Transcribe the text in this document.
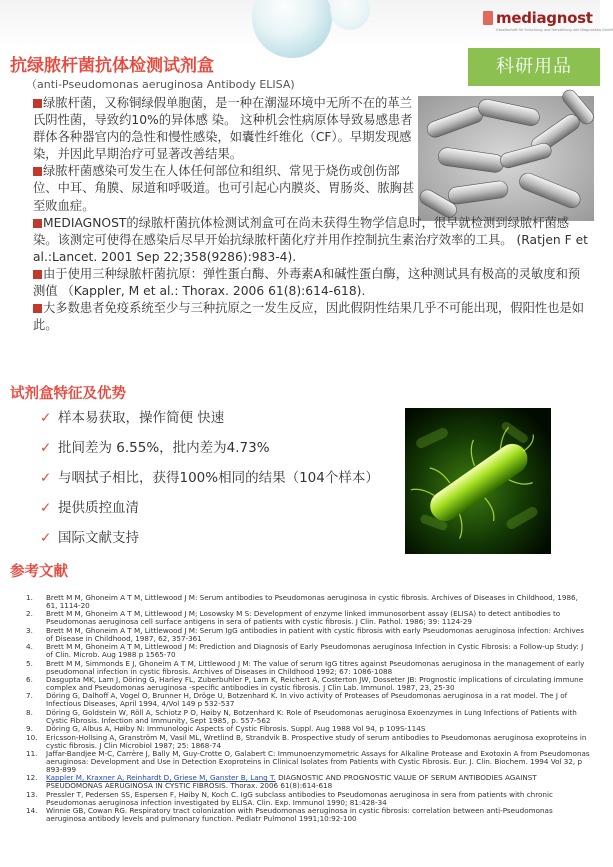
mediagnost
Gesellschaft für Forschung und Herstellung von Diagnostika GmbH
科研用品
抗绿脓杆菌抗体检测试剂盒
（anti-Pseudomonas aeruginosa Antibody ELISA)

绿脓杆菌，又称铜绿假单胞菌，是一种在潮湿环境中无所不在的革兰氏阴性菌，导致约10%的异体感 染。 这种机会性病原体导致易感患者群体各种器官内的急性和慢性感染，如囊性纤维化（CF）。早期发现感染，并因此早期治疗可显著改善结果。

绿脓杆菌感染可发生在人体任何部位和组织、常见于烧伤或创伤部位、中耳、角膜、尿道和呼吸道。也可引起心内膜炎、胃肠炎、脓胸甚至败血症。

MEDIAGNOST的绿脓杆菌抗体检测试剂盒可在尚未获得生物学信息时，很早就检测到绿脓杆菌感染。该测定可使得在感染后尽早开始抗绿脓杆菌化疗并用作控制抗生素治疗效率的工具。 (Ratjen F et al.:Lancet. 2001 Sep 22;358(9286):983-4).

由于使用三种绿脓杆菌抗原：弹性蛋白酶、外毒素A和碱性蛋白酶，这种测试具有极高的灵敏度和预测值 （Kappler, M et al.: Thorax. 2006 61(8):614-618).

大多数患者免疫系统至少与三种抗原之一发生反应，因此假阴性结果几乎不可能出现，假阳性也是如此。

试剂盒特征及优势
✓ 样本易获取，操作简便 快速
✓ 批间差为 6.55%，批内差为4.73%
✓ 与咽拭子相比，获得100%相同的结果（104个样本）
✓ 提供质控血清
✓ 国际文献支持
参考文献
1. Brett M M, Ghoneim A T M, Littlewood J M: Serum antibodies to Pseudomonas aeruginosa in cystic fibrosis. Archives of Diseases in Childhood, 1986, 61, 1114-20
2. Brett M M, Ghoneim A T M, Littlewood J M; Losowsky M S: Development of enzyme linked immunosorbent assay (ELISA) to detect antibodies to Pseudomonas aeruginosa cell surface antigens in sera of patients with cystic fibrosis. J Clin. Pathol. 1986; 39: 1124-29
3. Brett M M, Ghoneim A T M, Littlewood J M: Serum IgG antibodies in patient with cystic fibrosis with early Pseudomonas aeruginosa infection: Archives of Disease in Childhood, 1987, 62, 357-361
4. Brett M M, Ghoneim A T M, Littlewood J M: Prediction and Diagnosis of Early Pseudomonas aeruginosa Infection in Cystic Fibrosis: a Follow-up Study: J of Clin. Microb. Aug 1988 p 1565-70
5. Brett M M, Simmonds E J, Ghoneim A T M, Littlewood J M: The value of serum IgG titres against Pseudomonas aeruginosa in the management of early pseudomonal infection in cystic fibrosis. Archives of Diseases in Childhood 1992; 67: 1086-1088
6. Dasgupta MK, Lam J, Döring G, Harley FL, Zuberbuhler P, Lam K, Reichert A, Costerton JW, Dosseter JB: Prognostic implications of circulating immune complex and Pseudomonas aeruginosa -specific antibodies in cystic fibrosis. J Clin Lab. Immunol. 1987, 23, 25-30
7. Döring G, Dalhoff A, Vogel O, Brunner H, Dröge U, Botzenhard K. In vivo activity of Proteases of Pseudomonas aeruginosa in a rat model. The J of Infectious Diseases, April 1994, 4/Vol 149 p 532-537
8. Döring G, Goldstein W, Röll A, Schiotz P O, Høiby N, Botzenhard K: Role of Pseudomonas aeruginosa Exoenzymes in Lung Infections of Patients with Cystic Fibrosis. Infection and Immunity, Sept 1985, p. 557-562
9. Döring G, Albus A, Høiby N: Immunologic Aspects of Cystic Fibrosis. Suppl. Aug 1988 Vol 94, p 109S-114S
10. Ericsson-Hollsing A, Granström M, Vasil ML, Wretlind B, Strandvik B. Prospective study of serum antibodies to Pseudomonas aeruginosa exoproteins in cystic fibrosis. J Clin Microbiol 1987; 25: 1868-74
11. Jaffar-Bandjee M-C, Carrère J, Bally M, Guy-Crotte O, Galabert C: Immunoenzymometric Assays for Alkaline Protease and Exotoxin A from Pseudomonas aeruginosa: Development and Use in Detection Exoproteins in Clinical Isolates from Patients with Cystic Fibrosis. Eur. J. Clin. Biochem. 1994 Vol 32, p 893-899
12. Kappler M, Kraxner A, Reinhardt D, Griese M, Ganster B, Lang T. DIAGNOSTIC AND PROGNOSTIC VALUE OF SERUM ANTIBODIES AGAINST PSEUDOMONAS AERUGINOSA IN CYSTIC FIBROSIS. Thorax. 2006 61(8):614-618
13. Pressler T, Pedersen SS, Espersen F, Høiby N, Koch C. IgG subclass antibodies to Pseudomonas aeruginosa in sera from patients with chronic Pseudomonas aeruginosa infection investigated by ELISA. Clin. Exp. Immunol 1990; 81:428-34
14. Winnie GB, Cowan RG. Respiratory tract colonization with Pseudomonas aeruginosa in cystic fibrosis: correlation between anti-Pseudomonas aeruginosa antibody levels and pulmonary function. Pediatr Pulmonol 1991;10:92-100
